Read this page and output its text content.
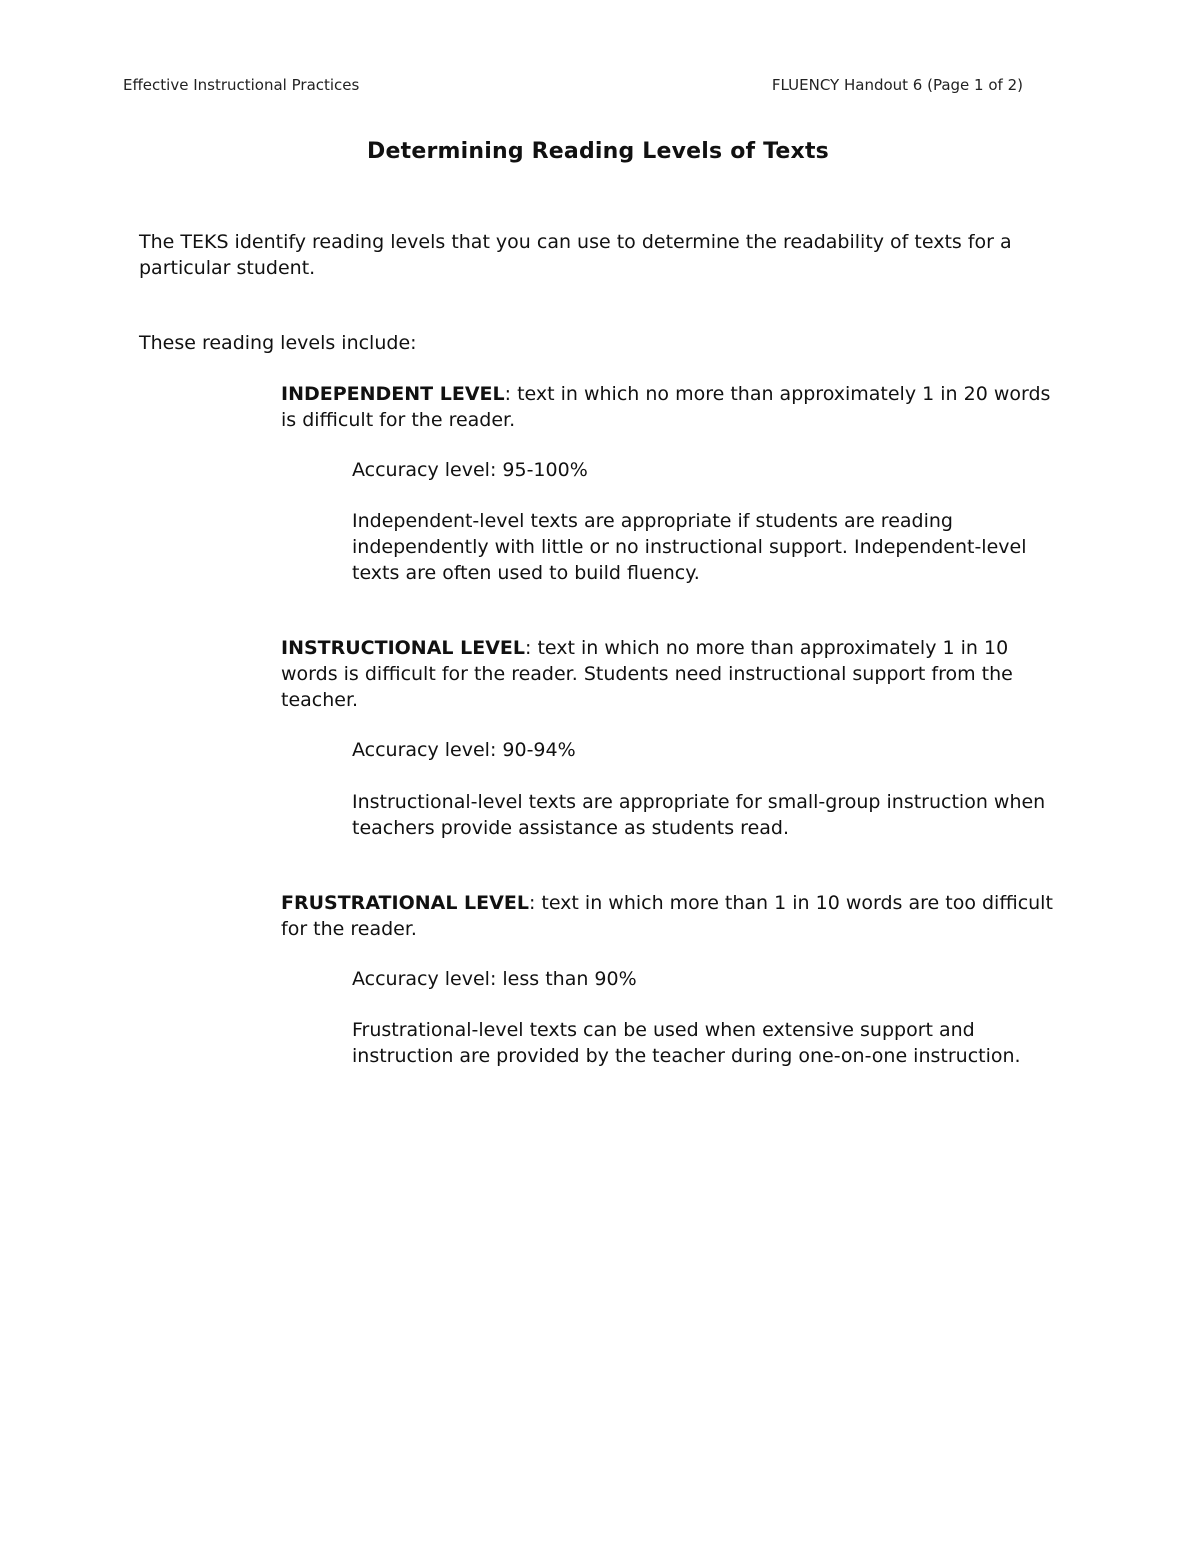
Effective Instructional Practices	FLUENCY Handout 6 (Page 1 of 2)
Determining Reading Levels of Texts
The TEKS identify reading levels that you can use to determine the readability of texts for a
particular student.
These reading levels include:
INDEPENDENT LEVEL: text in which no more than approximately 1 in 20 words
is difficult for the reader.
Accuracy level: 95-100%
Independent-level texts are appropriate if students are reading
independently with little or no instructional support. Independent-level
texts are often used to build fluency.
INSTRUCTIONAL LEVEL: text in which no more than approximately 1 in 10
words is difficult for the reader. Students need instructional support from the
teacher.
Accuracy level: 90-94%
Instructional-level texts are appropriate for small-group instruction when
teachers provide assistance as students read.
FRUSTRATIONAL LEVEL: text in which more than 1 in 10 words are too difficult
for the reader.
Accuracy level: less than 90%
Frustrational-level texts can be used when extensive support and
instruction are provided by the teacher during one-on-one instruction.
